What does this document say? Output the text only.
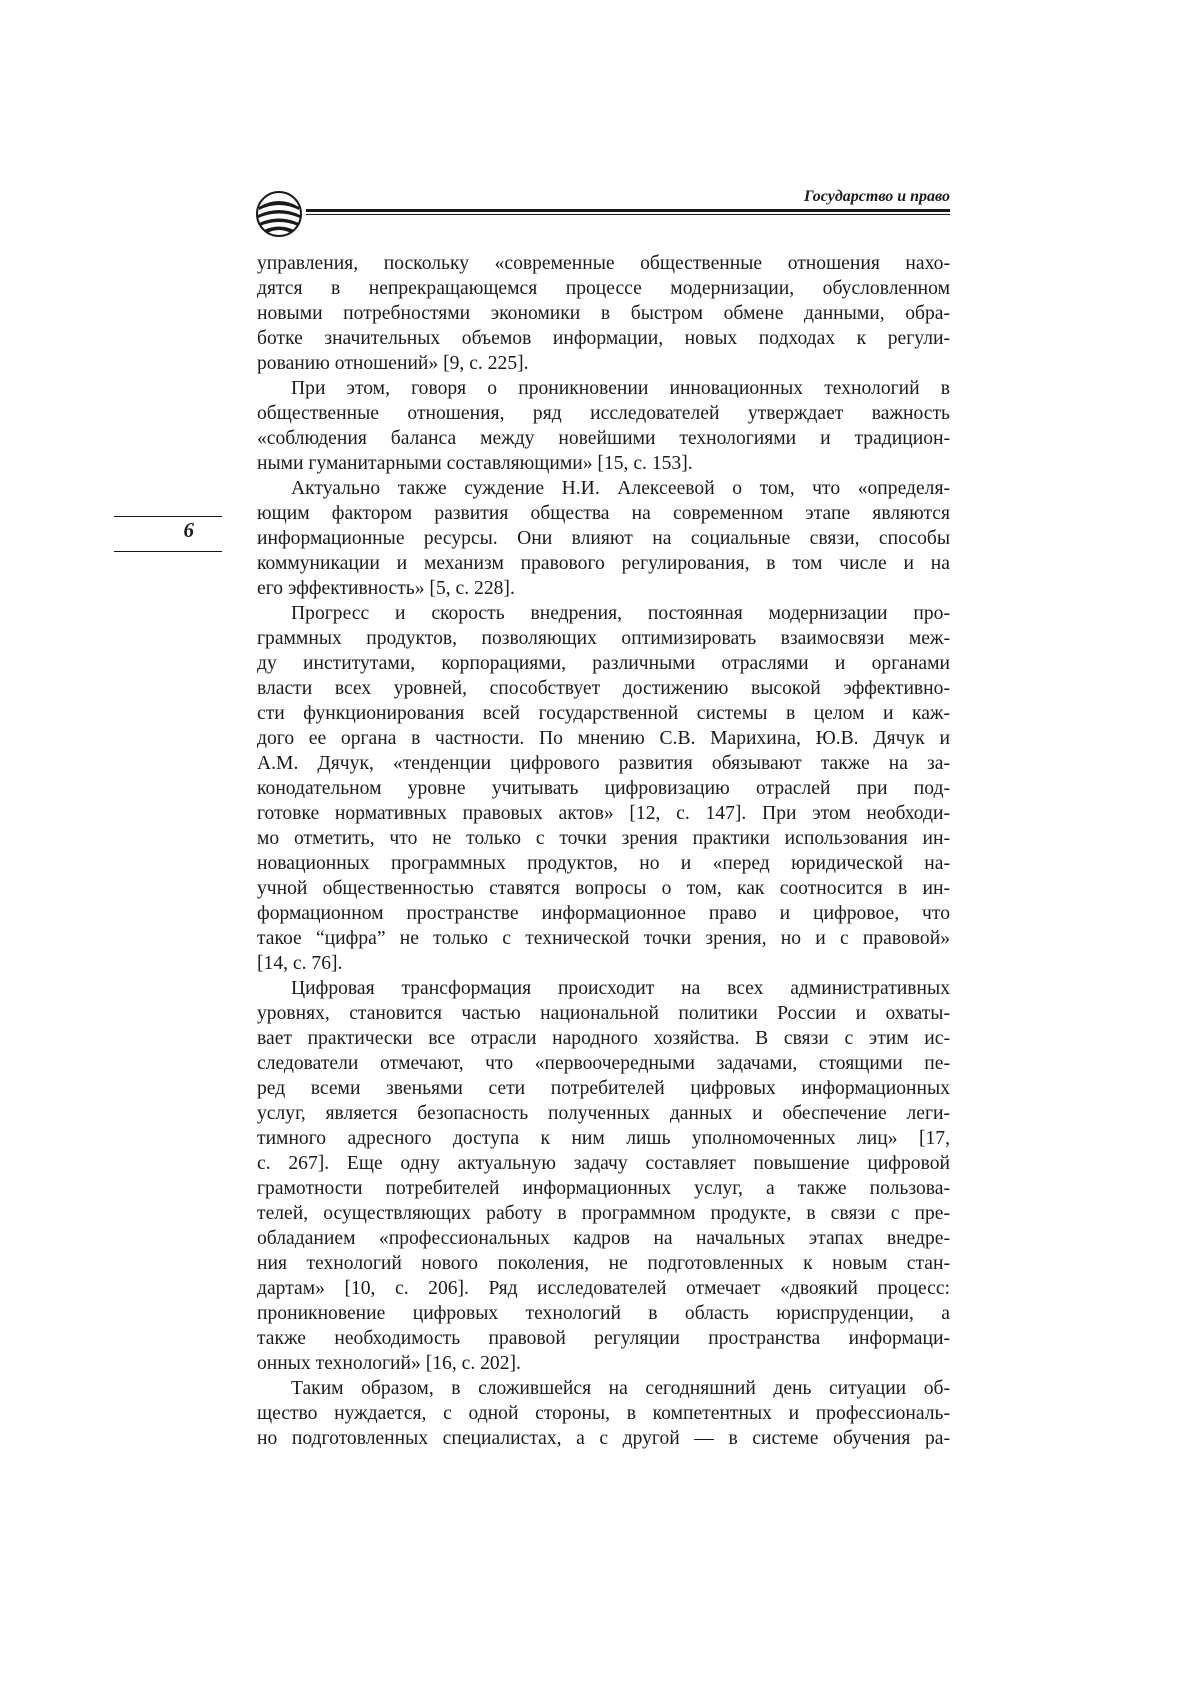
Государство и право
6

управления, поскольку «современные общественные отношения нахо-
дятся в непрекращающемся процессе модернизации, обусловленном
новыми потребностями экономики в быстром обмене данными, обра-
ботке значительных объемов информации, новых подходах к регули-
рованию отношений» [9, с. 225].

При этом, говоря о проникновении инновационных технологий в
общественные отношения, ряд исследователей утверждает важность
«соблюдения баланса между новейшими технологиями и традицион-
ными гуманитарными составляющими» [15, с. 153].

Актуально также суждение Н.И. Алексеевой о том, что «определя-
ющим фактором развития общества на современном этапе являются
информационные ресурсы. Они влияют на социальные связи, способы
коммуникации и механизм правового регулирования, в том числе и на
его эффективность» [5, с. 228].

Прогресс и скорость внедрения, постоянная модернизации про-
граммных продуктов, позволяющих оптимизировать взаимосвязи меж-
ду институтами, корпорациями, различными отраслями и органами
власти всех уровней, способствует достижению высокой эффективно-
сти функционирования всей государственной системы в целом и каж-
дого ее органа в частности. По мнению С.В. Марихина, Ю.В. Дячук и
А.М. Дячук, «тенденции цифрового развития обязывают также на за-
конодательном уровне учитывать цифровизацию отраслей при под-
готовке нормативных правовых актов» [12, с. 147]. При этом необходи-
мо отметить, что не только с точки зрения практики использования ин-
новационных программных продуктов, но и «перед юридической на-
учной общественностью ставятся вопросы о том, как соотносится в ин-
формационном пространстве информационное право и цифровое, что
такое “цифра” не только с технической точки зрения, но и с правовой»
[14, с. 76].

Цифровая трансформация происходит на всех административных
уровнях, становится частью национальной политики России и охваты-
вает практически все отрасли народного хозяйства. В связи с этим ис-
следователи отмечают, что «первоочередными задачами, стоящими пе-
ред всеми звеньями сети потребителей цифровых информационных
услуг, является безопасность полученных данных и обеспечение леги-
тимного адресного доступа к ним лишь уполномоченных лиц» [17,
с. 267]. Еще одну актуальную задачу составляет повышение цифровой
грамотности потребителей информационных услуг, а также пользова-
телей, осуществляющих работу в программном продукте, в связи с пре-
обладанием «профессиональных кадров на начальных этапах внедре-
ния технологий нового поколения, не подготовленных к новым стан-
дартам» [10, с. 206]. Ряд исследователей отмечает «двоякий процесс:
проникновение цифровых технологий в область юриспруденции, а
также необходимость правовой регуляции пространства информаци-
онных технологий» [16, с. 202].

Таким образом, в сложившейся на сегодняшний день ситуации об-
щество нуждается, с одной стороны, в компетентных и профессиональ-
но подготовленных специалистах, а с другой — в системе обучения ра-
